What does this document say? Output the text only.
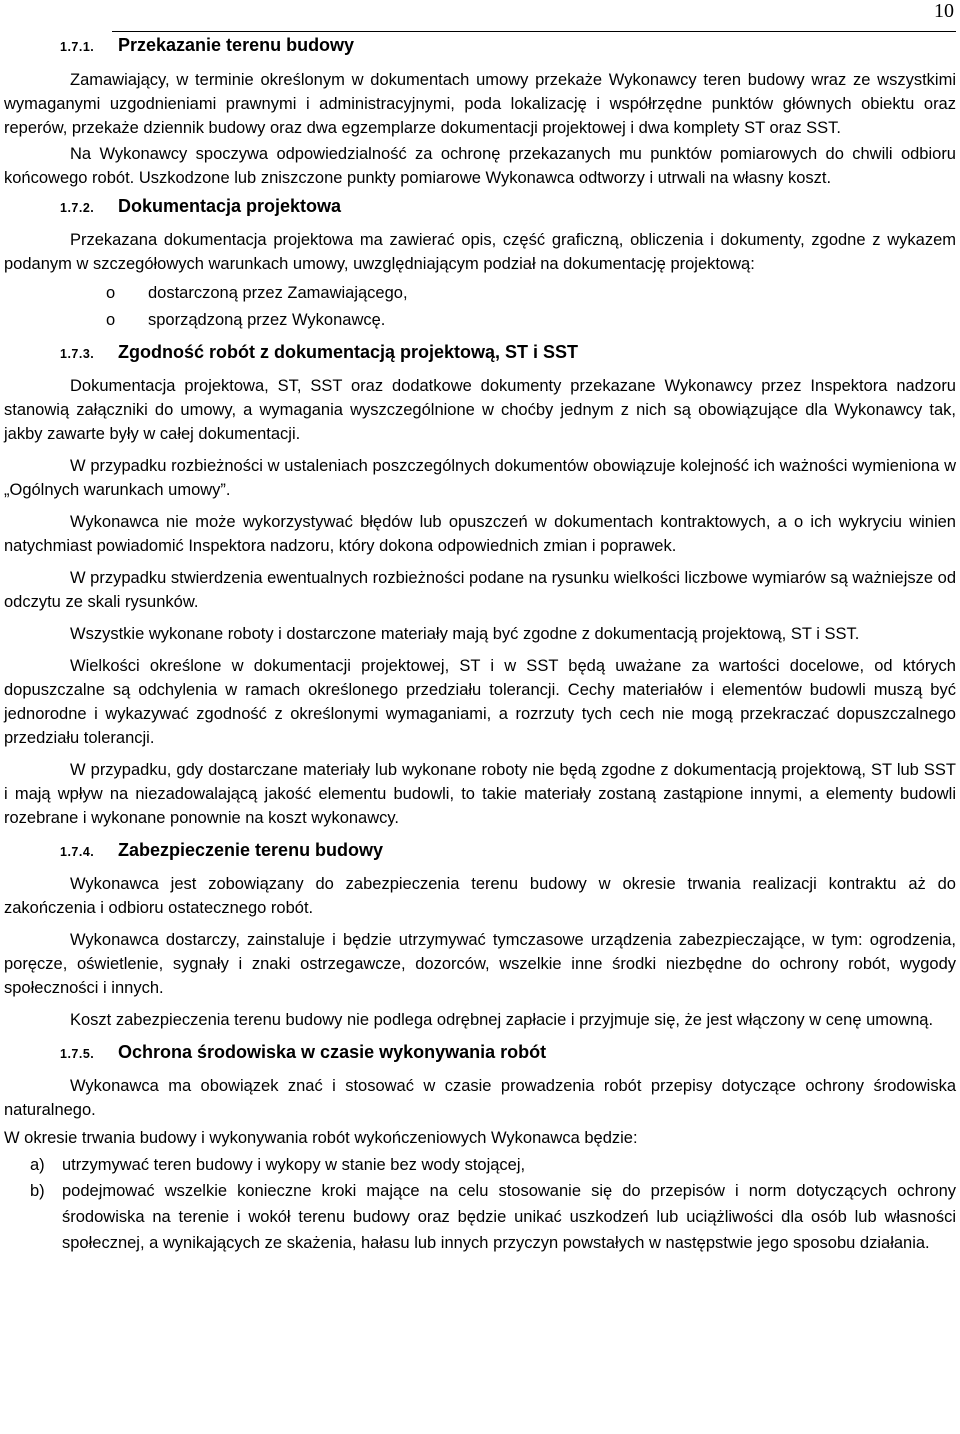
10
1.7.1.	Przekazanie terenu budowy

Zamawiający, w terminie określonym w dokumentach umowy przekaże Wykonawcy teren budowy wraz ze wszystkimi wymaganymi uzgodnieniami prawnymi i administracyjnymi, poda lokalizację i współrzędne punktów głównych obiektu oraz reperów, przekaże dziennik budowy oraz dwa egzemplarze dokumentacji projektowej i dwa komplety ST oraz SST.

Na Wykonawcy spoczywa odpowiedzialność za ochronę przekazanych mu punktów pomiarowych do chwili odbioru końcowego robót. Uszkodzone lub zniszczone punkty pomiarowe Wykonawca odtworzy i utrwali na własny koszt.

1.7.2.	Dokumentacja projektowa

Przekazana dokumentacja projektowa ma zawierać opis, część graficzną, obliczenia i dokumenty, zgodne z wykazem podanym w szczegółowych warunkach umowy, uwzględniającym podział na dokumentację projektową:

o	dostarczoną przez Zamawiającego,
o	sporządzoną przez Wykonawcę.
1.7.3.	Zgodność robót z dokumentacją projektową, ST i SST

Dokumentacja projektowa, ST, SST oraz dodatkowe dokumenty przekazane Wykonawcy przez Inspektora nadzoru stanowią załączniki do umowy, a wymagania wyszczególnione w choćby jednym z nich są obowiązujące dla Wykonawcy tak, jakby zawarte były w całej dokumentacji.

W przypadku rozbieżności w ustaleniach poszczególnych dokumentów obowiązuje kolejność ich ważności wymieniona w „Ogólnych warunkach umowy”.

Wykonawca nie może wykorzystywać błędów lub opuszczeń w dokumentach kontraktowych, a o ich wykryciu winien natychmiast powiadomić Inspektora nadzoru, który dokona odpowiednich zmian i poprawek.

W przypadku stwierdzenia ewentualnych rozbieżności podane na rysunku wielkości liczbowe wymiarów są ważniejsze od odczytu ze skali rysunków.

Wszystkie wykonane roboty i dostarczone materiały mają być zgodne z dokumentacją projektową, ST i SST.

Wielkości określone w dokumentacji projektowej, ST i w SST będą uważane za wartości docelowe, od których dopuszczalne są odchylenia w ramach określonego przedziału tolerancji. Cechy materiałów i elementów budowli muszą być jednorodne i wykazywać zgodność z określonymi wymaganiami, a rozrzuty tych cech nie mogą przekraczać dopuszczalnego przedziału tolerancji.

W przypadku, gdy dostarczane materiały lub wykonane roboty nie będą zgodne z dokumentacją projektową, ST lub SST i mają wpływ na niezadowalającą jakość elementu budowli, to takie materiały zostaną zastąpione innymi, a elementy budowli rozebrane i wykonane ponownie na koszt wykonawcy.

1.7.4.	Zabezpieczenie terenu budowy

Wykonawca jest zobowiązany do zabezpieczenia terenu budowy w okresie trwania realizacji kontraktu aż do zakończenia i odbioru ostatecznego robót.

Wykonawca dostarczy, zainstaluje i będzie utrzymywać tymczasowe urządzenia zabezpieczające, w tym: ogrodzenia, poręcze, oświetlenie, sygnały i znaki ostrzegawcze, dozorców, wszelkie inne środki niezbędne do ochrony robót, wygody społeczności i innych.

Koszt zabezpieczenia terenu budowy nie podlega odrębnej zapłacie i przyjmuje się, że jest włączony w cenę umowną.

1.7.5.	Ochrona środowiska w czasie wykonywania robót

Wykonawca ma obowiązek znać i stosować w czasie prowadzenia robót przepisy dotyczące ochrony środowiska naturalnego.

W okresie trwania budowy i wykonywania robót wykończeniowych Wykonawca będzie:

a)	utrzymywać teren budowy i wykopy w stanie bez wody stojącej,
b)	podejmować wszelkie konieczne kroki mające na celu stosowanie się do przepisów i norm dotyczących ochrony środowiska na terenie i wokół terenu budowy oraz będzie unikać uszkodzeń lub uciążliwości dla osób lub własności społecznej, a wynikających ze skażenia, hałasu lub innych przyczyn powstałych w następstwie jego sposobu działania.
